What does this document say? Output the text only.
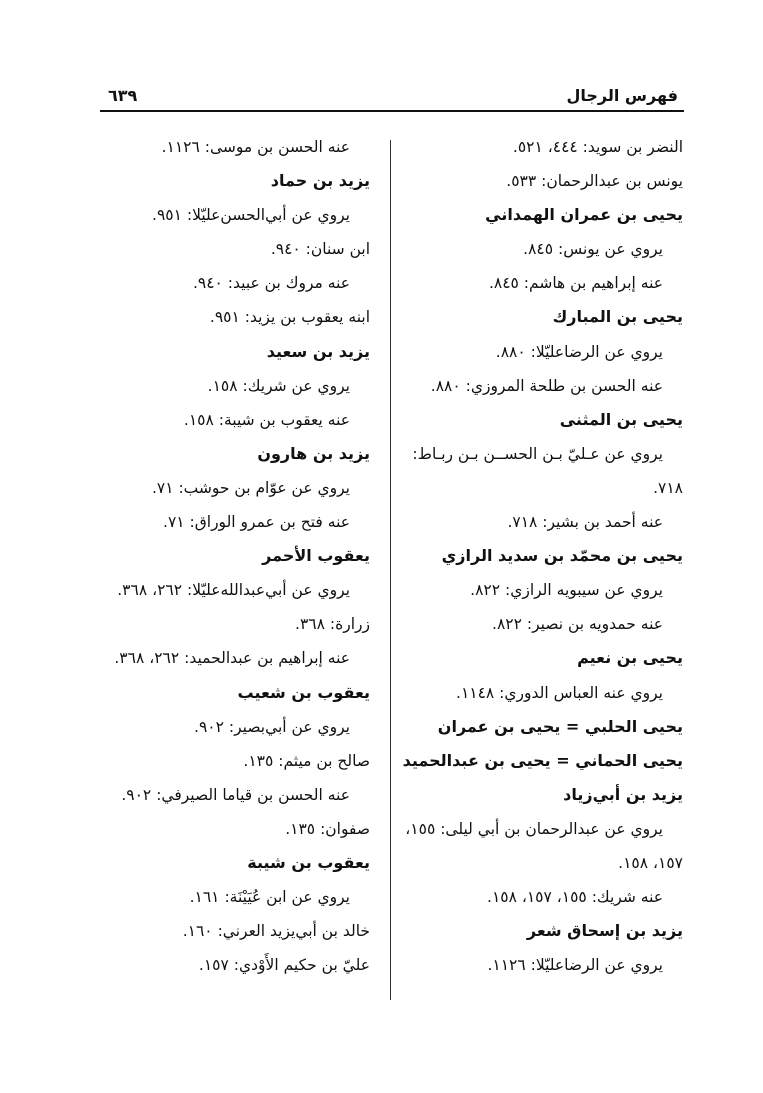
فهرس الرجال
٦٣٩
النضر بن سويد: ٤٤٤، ٥٢١.
يونس بن عبدالرحمان: ٥٣٣.
يحيى بن عمران الهمداني
يروي عن يونس: ٨٤٥.
عنه إبراهيم بن هاشم: ٨٤٥.
يحيى بن المبارك
يروي عن الرضاعليّلا: ٨٨٠.
عنه الحسن بن طلحة المروزي: ٨٨٠.
يحيى بن المثنى
يروي عن عـليّ بـن الحســن بـن ربـاط:
٧١٨.
عنه أحمد بن بشير: ٧١٨.
يحيى بن محمّد بن سديد الرازي
يروي عن سيبويه الرازي: ٨٢٢.
عنه حمدويه بن نصير: ٨٢٢.
يحيى بن نعيم
يروي عنه العباس الدوري: ١١٤٨.
يحيى الحلبي = يحيى بن عمران
يحيى الحماني = يحيى بن عبدالحميد
يزيد بن أبي‌زياد
يروي عن عبدالرحمان بن أبي ليلى: ١٥٥،
١٥٧، ١٥٨.
عنه شريك: ١٥٥، ١٥٧، ١٥٨.
يزيد بن إسحاق شعر
يروي عن الرضاعليّلا: ١١٢٦.
عنه الحسن بن موسى: ١١٢٦.
يزيد بن حماد
يروي عن أبي‌الحسن‌عليّلا: ٩٥١.
ابن سنان: ٩٤٠.
عنه مروك بن عبيد: ٩٤٠.
ابنه يعقوب بن يزيد: ٩٥١.
يزيد بن سعيد
يروي عن شريك: ١٥٨.
عنه يعقوب بن شيبة: ١٥٨.
يزيد بن هارون
يروي عن عوّام بن حوشب: ٧١.
عنه فتح بن عمرو الوراق: ٧١.
يعقوب الأحمر
يروي عن أبي‌عبدالله‌عليّلا: ٢٦٢، ٣٦٨.
زرارة: ٣٦٨.
عنه إبراهيم بن عبدالحميد: ٢٦٢، ٣٦٨.
يعقوب بن شعيب
يروي عن أبي‌بصير: ٩٠٢.
صالح بن ميثم: ١٣٥.
عنه الحسن بن قياما الصيرفي: ٩٠٢.
صفوان: ١٣٥.
يعقوب بن شيبة
يروي عن ابن عُيَيْنَة: ١٦١.
خالد بن أبي‌يزيد العرني: ١٦٠.
عليّ بن حكيم الأَوْدي: ١٥٧.
